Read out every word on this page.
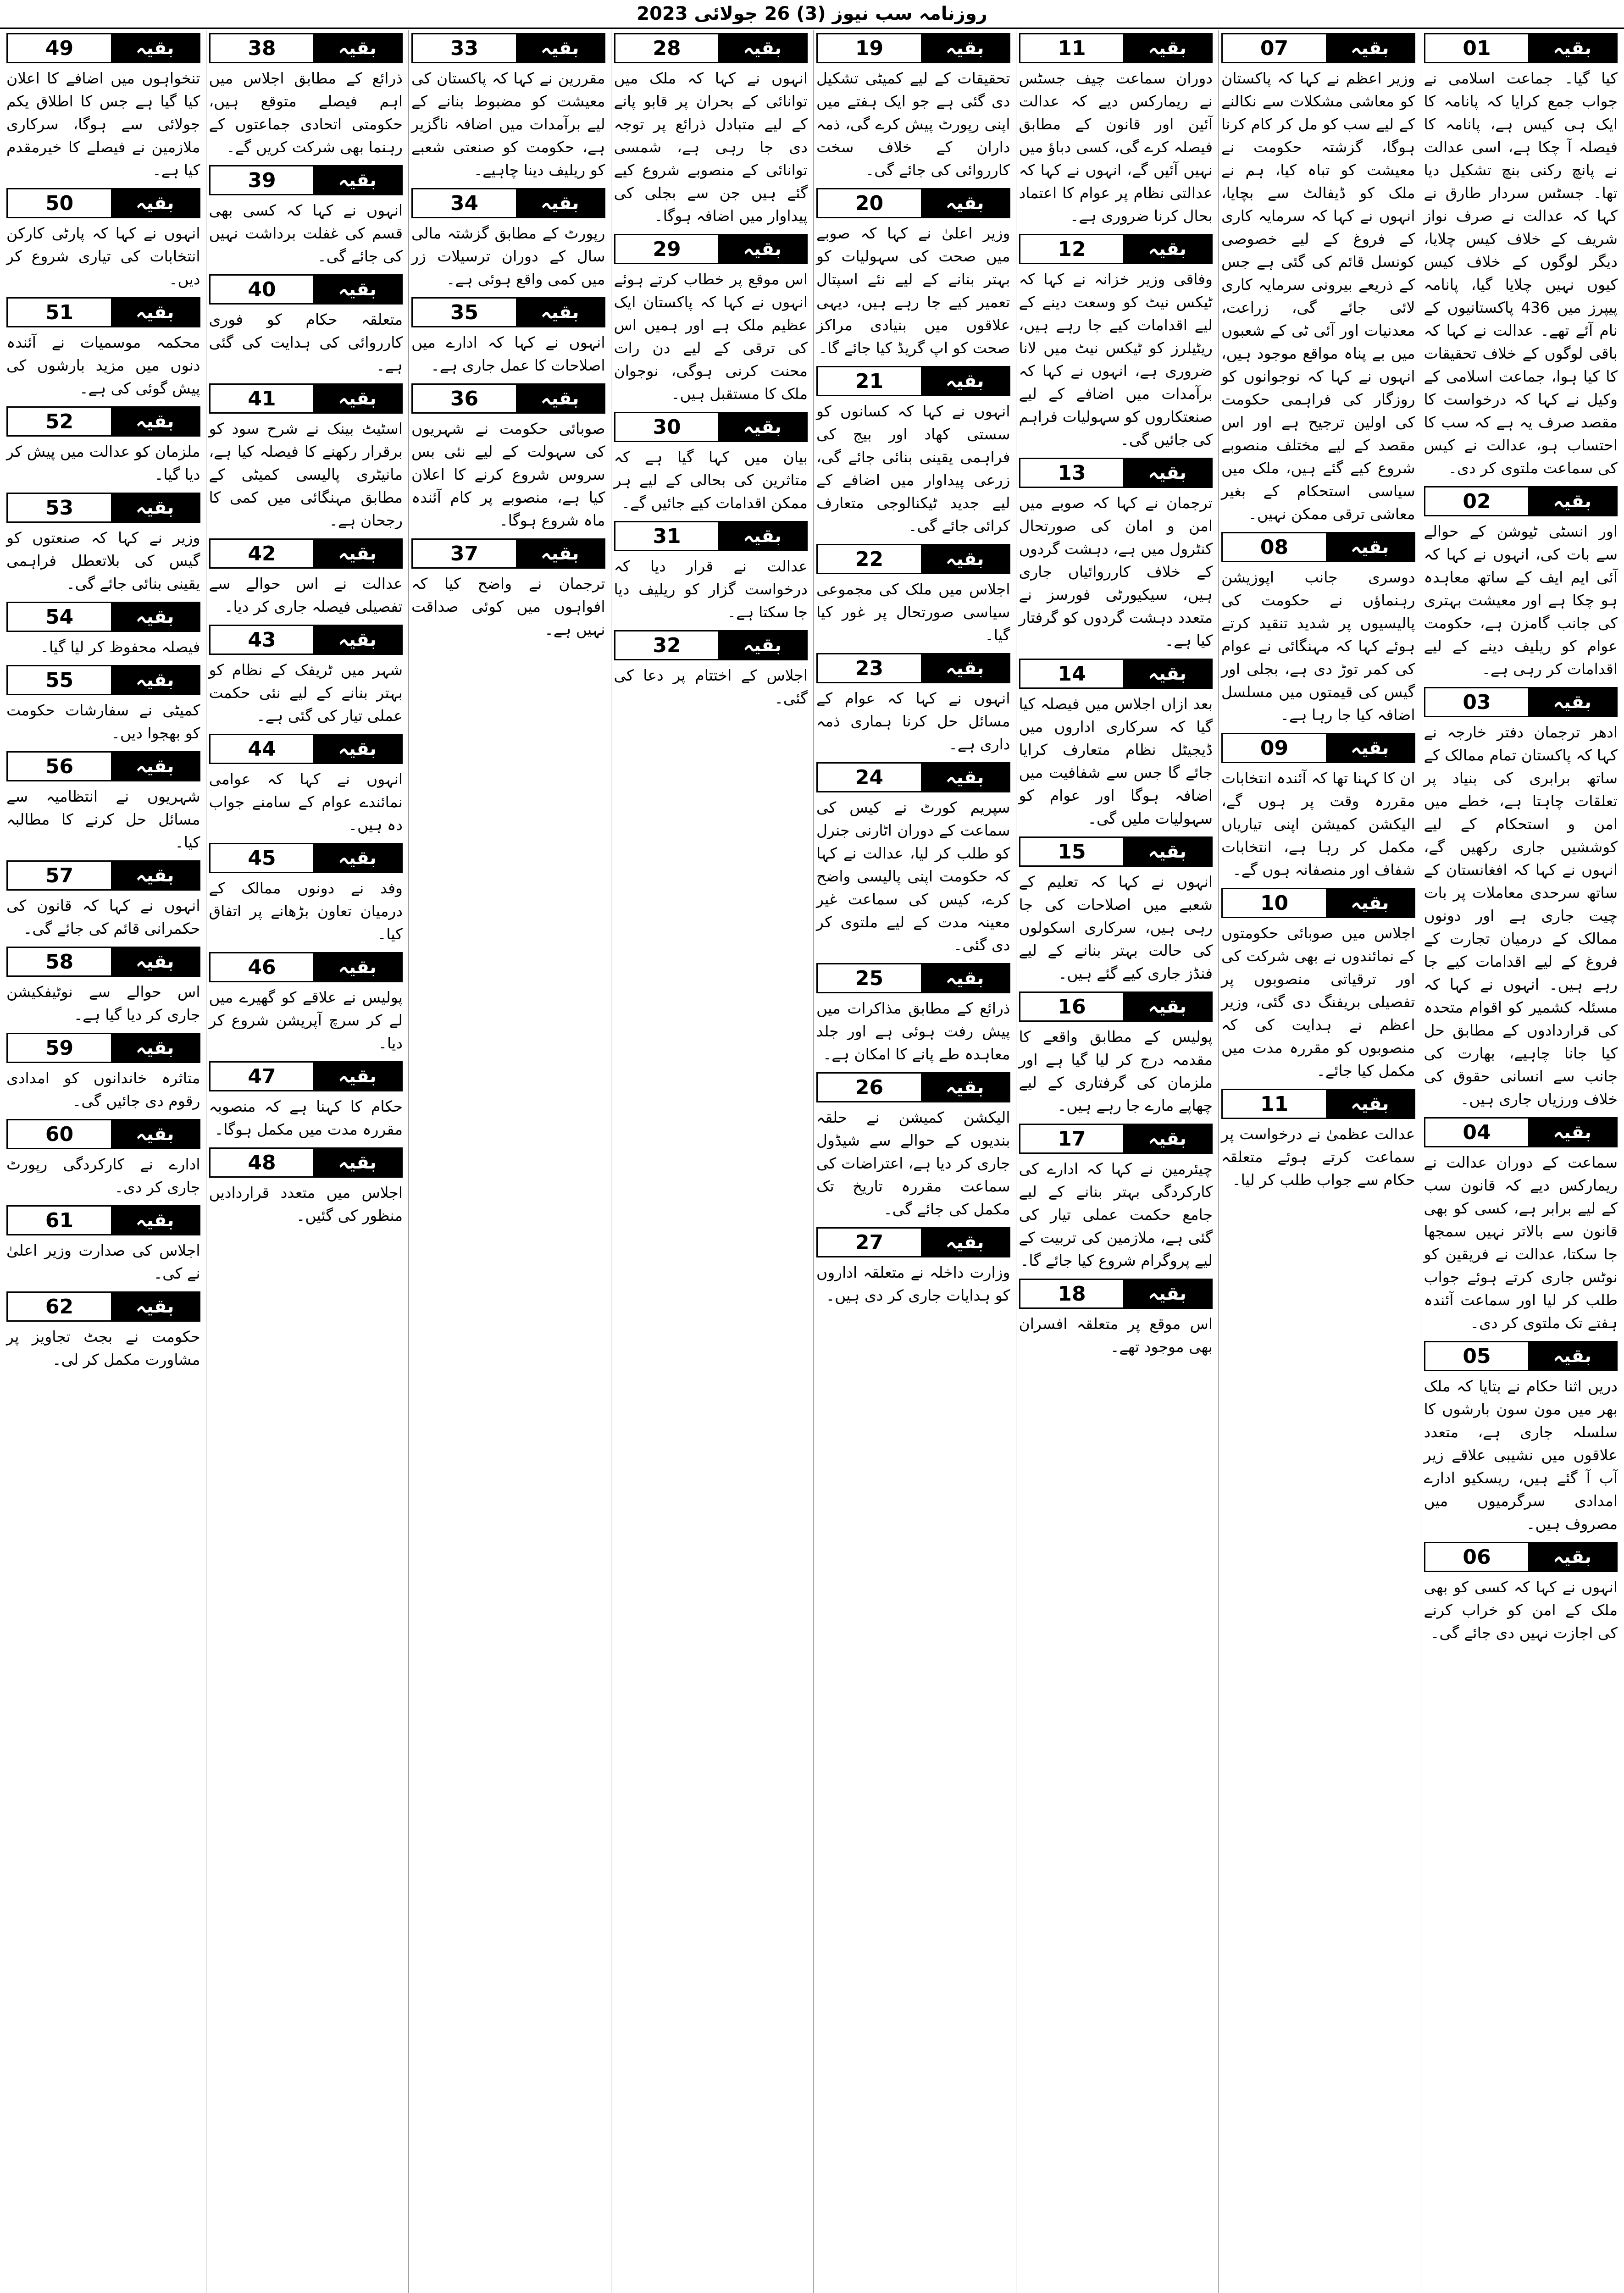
روزنامہ سب نیوز (3) 26 جولائی 2023
بقیہ
01

کیا گیا۔ جماعت اسلامی نے جواب جمع کرایا کہ پانامہ کا ایک ہی کیس ہے، پانامہ کا فیصلہ آ چکا ہے، اسی عدالت نے پانچ رکنی بنچ تشکیل دیا تھا۔ جسٹس سردار طارق نے کہا کہ عدالت نے صرف نواز شریف کے خلاف کیس چلایا، دیگر لوگوں کے خلاف کیس کیوں نہیں چلایا گیا، پانامہ پیپرز میں 436 پاکستانیوں کے نام آئے تھے۔ عدالت نے کہا کہ باقی لوگوں کے خلاف تحقیقات کا کیا ہوا، جماعت اسلامی کے وکیل نے کہا کہ درخواست کا مقصد صرف یہ ہے کہ سب کا احتساب ہو، عدالت نے کیس کی سماعت ملتوی کر دی۔

بقیہ
02

اور انسٹی ٹیوشن کے حوالے سے بات کی، انہوں نے کہا کہ آئی ایم ایف کے ساتھ معاہدہ ہو چکا ہے اور معیشت بہتری کی جانب گامزن ہے، حکومت عوام کو ریلیف دینے کے لیے اقدامات کر رہی ہے۔

بقیہ
03

ادھر ترجمان دفتر خارجہ نے کہا کہ پاکستان تمام ممالک کے ساتھ برابری کی بنیاد پر تعلقات چاہتا ہے، خطے میں امن و استحکام کے لیے کوششیں جاری رکھیں گے، انہوں نے کہا کہ افغانستان کے ساتھ سرحدی معاملات پر بات چیت جاری ہے اور دونوں ممالک کے درمیان تجارت کے فروغ کے لیے اقدامات کیے جا رہے ہیں۔ انہوں نے کہا کہ مسئلہ کشمیر کو اقوام متحدہ کی قراردادوں کے مطابق حل کیا جانا چاہیے، بھارت کی جانب سے انسانی حقوق کی خلاف ورزیاں جاری ہیں۔

بقیہ
04

سماعت کے دوران عدالت نے ریمارکس دیے کہ قانون سب کے لیے برابر ہے، کسی کو بھی قانون سے بالاتر نہیں سمجھا جا سکتا، عدالت نے فریقین کو نوٹس جاری کرتے ہوئے جواب طلب کر لیا اور سماعت آئندہ ہفتے تک ملتوی کر دی۔

بقیہ
05

دریں اثنا حکام نے بتایا کہ ملک بھر میں مون سون بارشوں کا سلسلہ جاری ہے، متعدد علاقوں میں نشیبی علاقے زیر آب آ گئے ہیں، ریسکیو ادارے امدادی سرگرمیوں میں مصروف ہیں۔

بقیہ
06

انہوں نے کہا کہ کسی کو بھی ملک کے امن کو خراب کرنے کی اجازت نہیں دی جائے گی۔

بقیہ
07

وزیر اعظم نے کہا کہ پاکستان کو معاشی مشکلات سے نکالنے کے لیے سب کو مل کر کام کرنا ہوگا، گزشتہ حکومت نے معیشت کو تباہ کیا، ہم نے ملک کو ڈیفالٹ سے بچایا، انہوں نے کہا کہ سرمایہ کاری کے فروغ کے لیے خصوصی کونسل قائم کی گئی ہے جس کے ذریعے بیرونی سرمایہ کاری لائی جائے گی، زراعت، معدنیات اور آئی ٹی کے شعبوں میں بے پناہ مواقع موجود ہیں، انہوں نے کہا کہ نوجوانوں کو روزگار کی فراہمی حکومت کی اولین ترجیح ہے اور اس مقصد کے لیے مختلف منصوبے شروع کیے گئے ہیں، ملک میں سیاسی استحکام کے بغیر معاشی ترقی ممکن نہیں۔

بقیہ
08

دوسری جانب اپوزیشن رہنماؤں نے حکومت کی پالیسیوں پر شدید تنقید کرتے ہوئے کہا کہ مہنگائی نے عوام کی کمر توڑ دی ہے، بجلی اور گیس کی قیمتوں میں مسلسل اضافہ کیا جا رہا ہے۔

بقیہ
09

ان کا کہنا تھا کہ آئندہ انتخابات مقررہ وقت پر ہوں گے، الیکشن کمیشن اپنی تیاریاں مکمل کر رہا ہے، انتخابات شفاف اور منصفانہ ہوں گے۔

بقیہ
10

اجلاس میں صوبائی حکومتوں کے نمائندوں نے بھی شرکت کی اور ترقیاتی منصوبوں پر تفصیلی بریفنگ دی گئی، وزیر اعظم نے ہدایت کی کہ منصوبوں کو مقررہ مدت میں مکمل کیا جائے۔

بقیہ
11

عدالت عظمیٰ نے درخواست پر سماعت کرتے ہوئے متعلقہ حکام سے جواب طلب کر لیا۔

بقیہ
11

دوران سماعت چیف جسٹس نے ریمارکس دیے کہ عدالت آئین اور قانون کے مطابق فیصلہ کرے گی، کسی دباؤ میں نہیں آئیں گے، انہوں نے کہا کہ عدالتی نظام پر عوام کا اعتماد بحال کرنا ضروری ہے۔

بقیہ
12

وفاقی وزیر خزانہ نے کہا کہ ٹیکس نیٹ کو وسعت دینے کے لیے اقدامات کیے جا رہے ہیں، ریٹیلرز کو ٹیکس نیٹ میں لانا ضروری ہے، انہوں نے کہا کہ برآمدات میں اضافے کے لیے صنعتکاروں کو سہولیات فراہم کی جائیں گی۔

بقیہ
13

ترجمان نے کہا کہ صوبے میں امن و امان کی صورتحال کنٹرول میں ہے، دہشت گردوں کے خلاف کارروائیاں جاری ہیں، سیکیورٹی فورسز نے متعدد دہشت گردوں کو گرفتار کیا ہے۔

بقیہ
14

بعد ازاں اجلاس میں فیصلہ کیا گیا کہ سرکاری اداروں میں ڈیجیٹل نظام متعارف کرایا جائے گا جس سے شفافیت میں اضافہ ہوگا اور عوام کو سہولیات ملیں گی۔

بقیہ
15

انہوں نے کہا کہ تعلیم کے شعبے میں اصلاحات کی جا رہی ہیں، سرکاری اسکولوں کی حالت بہتر بنانے کے لیے فنڈز جاری کیے گئے ہیں۔

بقیہ
16

پولیس کے مطابق واقعے کا مقدمہ درج کر لیا گیا ہے اور ملزمان کی گرفتاری کے لیے چھاپے مارے جا رہے ہیں۔

بقیہ
17

چیئرمین نے کہا کہ ادارے کی کارکردگی بہتر بنانے کے لیے جامع حکمت عملی تیار کی گئی ہے، ملازمین کی تربیت کے لیے پروگرام شروع کیا جائے گا۔

بقیہ
18

اس موقع پر متعلقہ افسران بھی موجود تھے۔

بقیہ
19

تحقیقات کے لیے کمیٹی تشکیل دی گئی ہے جو ایک ہفتے میں اپنی رپورٹ پیش کرے گی، ذمہ داران کے خلاف سخت کارروائی کی جائے گی۔

بقیہ
20

وزیر اعلیٰ نے کہا کہ صوبے میں صحت کی سہولیات کو بہتر بنانے کے لیے نئے اسپتال تعمیر کیے جا رہے ہیں، دیہی علاقوں میں بنیادی مراکز صحت کو اپ گریڈ کیا جائے گا۔

بقیہ
21

انہوں نے کہا کہ کسانوں کو سستی کھاد اور بیج کی فراہمی یقینی بنائی جائے گی، زرعی پیداوار میں اضافے کے لیے جدید ٹیکنالوجی متعارف کرائی جائے گی۔

بقیہ
22

اجلاس میں ملک کی مجموعی سیاسی صورتحال پر غور کیا گیا۔

بقیہ
23

انہوں نے کہا کہ عوام کے مسائل حل کرنا ہماری ذمہ داری ہے۔

بقیہ
24

سپریم کورٹ نے کیس کی سماعت کے دوران اٹارنی جنرل کو طلب کر لیا، عدالت نے کہا کہ حکومت اپنی پالیسی واضح کرے، کیس کی سماعت غیر معینہ مدت کے لیے ملتوی کر دی گئی۔

بقیہ
25

ذرائع کے مطابق مذاکرات میں پیش رفت ہوئی ہے اور جلد معاہدہ طے پانے کا امکان ہے۔

بقیہ
26

الیکشن کمیشن نے حلقہ بندیوں کے حوالے سے شیڈول جاری کر دیا ہے، اعتراضات کی سماعت مقررہ تاریخ تک مکمل کی جائے گی۔

بقیہ
27

وزارت داخلہ نے متعلقہ اداروں کو ہدایات جاری کر دی ہیں۔

بقیہ
28

انہوں نے کہا کہ ملک میں توانائی کے بحران پر قابو پانے کے لیے متبادل ذرائع پر توجہ دی جا رہی ہے، شمسی توانائی کے منصوبے شروع کیے گئے ہیں جن سے بجلی کی پیداوار میں اضافہ ہوگا۔

بقیہ
29

اس موقع پر خطاب کرتے ہوئے انہوں نے کہا کہ پاکستان ایک عظیم ملک ہے اور ہمیں اس کی ترقی کے لیے دن رات محنت کرنی ہوگی، نوجوان ملک کا مستقبل ہیں۔

بقیہ
30

بیان میں کہا گیا ہے کہ متاثرین کی بحالی کے لیے ہر ممکن اقدامات کیے جائیں گے۔

بقیہ
31

عدالت نے قرار دیا کہ درخواست گزار کو ریلیف دیا جا سکتا ہے۔

بقیہ
32

اجلاس کے اختتام پر دعا کی گئی۔

بقیہ
33

مقررین نے کہا کہ پاکستان کی معیشت کو مضبوط بنانے کے لیے برآمدات میں اضافہ ناگزیر ہے، حکومت کو صنعتی شعبے کو ریلیف دینا چاہیے۔

بقیہ
34

رپورٹ کے مطابق گزشتہ مالی سال کے دوران ترسیلات زر میں کمی واقع ہوئی ہے۔

بقیہ
35

انہوں نے کہا کہ ادارے میں اصلاحات کا عمل جاری ہے۔

بقیہ
36

صوبائی حکومت نے شہریوں کی سہولت کے لیے نئی بس سروس شروع کرنے کا اعلان کیا ہے، منصوبے پر کام آئندہ ماہ شروع ہوگا۔

بقیہ
37

ترجمان نے واضح کیا کہ افواہوں میں کوئی صداقت نہیں ہے۔

بقیہ
38

ذرائع کے مطابق اجلاس میں اہم فیصلے متوقع ہیں، حکومتی اتحادی جماعتوں کے رہنما بھی شرکت کریں گے۔

بقیہ
39

انہوں نے کہا کہ کسی بھی قسم کی غفلت برداشت نہیں کی جائے گی۔

بقیہ
40

متعلقہ حکام کو فوری کارروائی کی ہدایت کی گئی ہے۔

بقیہ
41

اسٹیٹ بینک نے شرح سود کو برقرار رکھنے کا فیصلہ کیا ہے، مانیٹری پالیسی کمیٹی کے مطابق مہنگائی میں کمی کا رجحان ہے۔

بقیہ
42

عدالت نے اس حوالے سے تفصیلی فیصلہ جاری کر دیا۔

بقیہ
43

شہر میں ٹریفک کے نظام کو بہتر بنانے کے لیے نئی حکمت عملی تیار کی گئی ہے۔

بقیہ
44

انہوں نے کہا کہ عوامی نمائندے عوام کے سامنے جواب دہ ہیں۔

بقیہ
45

وفد نے دونوں ممالک کے درمیان تعاون بڑھانے پر اتفاق کیا۔

بقیہ
46

پولیس نے علاقے کو گھیرے میں لے کر سرچ آپریشن شروع کر دیا۔

بقیہ
47

حکام کا کہنا ہے کہ منصوبہ مقررہ مدت میں مکمل ہوگا۔

بقیہ
48

اجلاس میں متعدد قراردادیں منظور کی گئیں۔

بقیہ
49

تنخواہوں میں اضافے کا اعلان کیا گیا ہے جس کا اطلاق یکم جولائی سے ہوگا، سرکاری ملازمین نے فیصلے کا خیرمقدم کیا ہے۔

بقیہ
50

انہوں نے کہا کہ پارٹی کارکن انتخابات کی تیاری شروع کر دیں۔

بقیہ
51

محکمہ موسمیات نے آئندہ دنوں میں مزید بارشوں کی پیش گوئی کی ہے۔

بقیہ
52

ملزمان کو عدالت میں پیش کر دیا گیا۔

بقیہ
53

وزیر نے کہا کہ صنعتوں کو گیس کی بلاتعطل فراہمی یقینی بنائی جائے گی۔

بقیہ
54

فیصلہ محفوظ کر لیا گیا۔

بقیہ
55

کمیٹی نے سفارشات حکومت کو بھجوا دیں۔

بقیہ
56

شہریوں نے انتظامیہ سے مسائل حل کرنے کا مطالبہ کیا۔

بقیہ
57

انہوں نے کہا کہ قانون کی حکمرانی قائم کی جائے گی۔

بقیہ
58

اس حوالے سے نوٹیفکیشن جاری کر دیا گیا ہے۔

بقیہ
59

متاثرہ خاندانوں کو امدادی رقوم دی جائیں گی۔

بقیہ
60

ادارے نے کارکردگی رپورٹ جاری کر دی۔

بقیہ
61

اجلاس کی صدارت وزیر اعلیٰ نے کی۔

بقیہ
62

حکومت نے بجٹ تجاویز پر مشاورت مکمل کر لی۔
